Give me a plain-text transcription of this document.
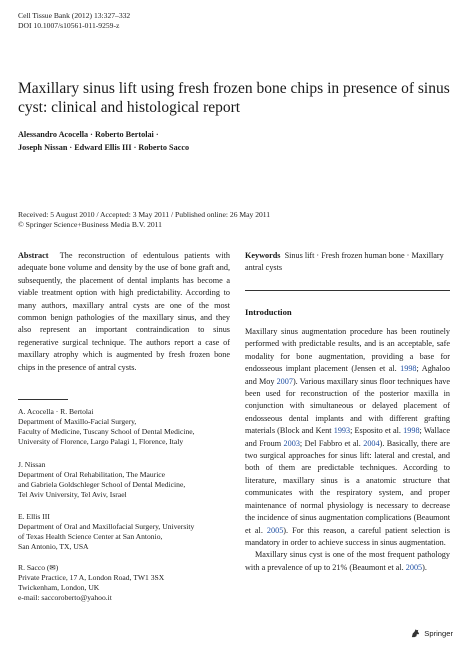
Cell Tissue Bank (2012) 13:327–332
DOI 10.1007/s10561-011-9259-z
Maxillary sinus lift using fresh frozen bone chips in presence of sinus cyst: clinical and histological report
Alessandro Acocella · Roberto Bertolai ·
Joseph Nissan · Edward Ellis III · Roberto Sacco
Received: 5 August 2010 / Accepted: 3 May 2011 / Published online: 26 May 2011
© Springer Science+Business Media B.V. 2011
Abstract The reconstruction of edentulous patients with adequate bone volume and density by the use of bone graft and, subsequently, the placement of dental implants has become a viable treatment option with high predictability. According to many authors, maxillary antral cysts are one of the most common benign pathologies of the maxillary sinus, and they also represent an important contraindication to sinus regenerative surgical technique. The authors report a case of maxillary atrophy which is augmented by fresh frozen bone chips in the presence of antral cysts.
A. Acocella · R. Bertolai
Department of Maxillo-Facial Surgery,
Faculty of Medicine, Tuscany School of Dental Medicine,
University of Florence, Largo Palagi 1, Florence, Italy
J. Nissan
Department of Oral Rehabilitation, The Maurice
and Gabriela Goldschleger School of Dental Medicine,
Tel Aviv University, Tel Aviv, Israel
E. Ellis III
Department of Oral and Maxillofacial Surgery, University
of Texas Health Science Center at San Antonio,
San Antonio, TX, USA
R. Sacco (✉)
Private Practice, 17 A, London Road, TW1 3SX
Twickenham, London, UK
e-mail: saccoroberto@yahoo.it
Keywords Sinus lift · Fresh frozen human bone · Maxillary antral cysts
Introduction
Maxillary sinus augmentation procedure has been routinely performed with predictable results, and is an acceptable, safe modality for bone augmentation, providing a base for endosseous implant placement (Jensen et al. 1998; Aghaloo and Moy 2007). Various maxillary sinus floor techniques have been used for reconstruction of the posterior maxilla in conjunction with simultaneous or delayed placement of endosseous dental implants and with different grafting materials (Block and Kent 1993; Esposito et al. 1998; Wallace and Froum 2003; Del Fabbro et al. 2004). Basically, there are two surgical approaches for sinus lift: lateral and crestal, and both of them are predictable techniques. According to literature, maxillary sinus is a anatomic structure that communicates with the respiratory system, and proper maintenance of normal physiology is necessary to decrease the incidence of sinus augmentation complications (Beaumont et al. 2005). For this reason, a careful patient selection is mandatory in order to achieve success in sinus augmentation.
Maxillary sinus cyst is one of the most frequent pathology with a prevalence of up to 21% (Beaumont et al. 2005).
Springer
